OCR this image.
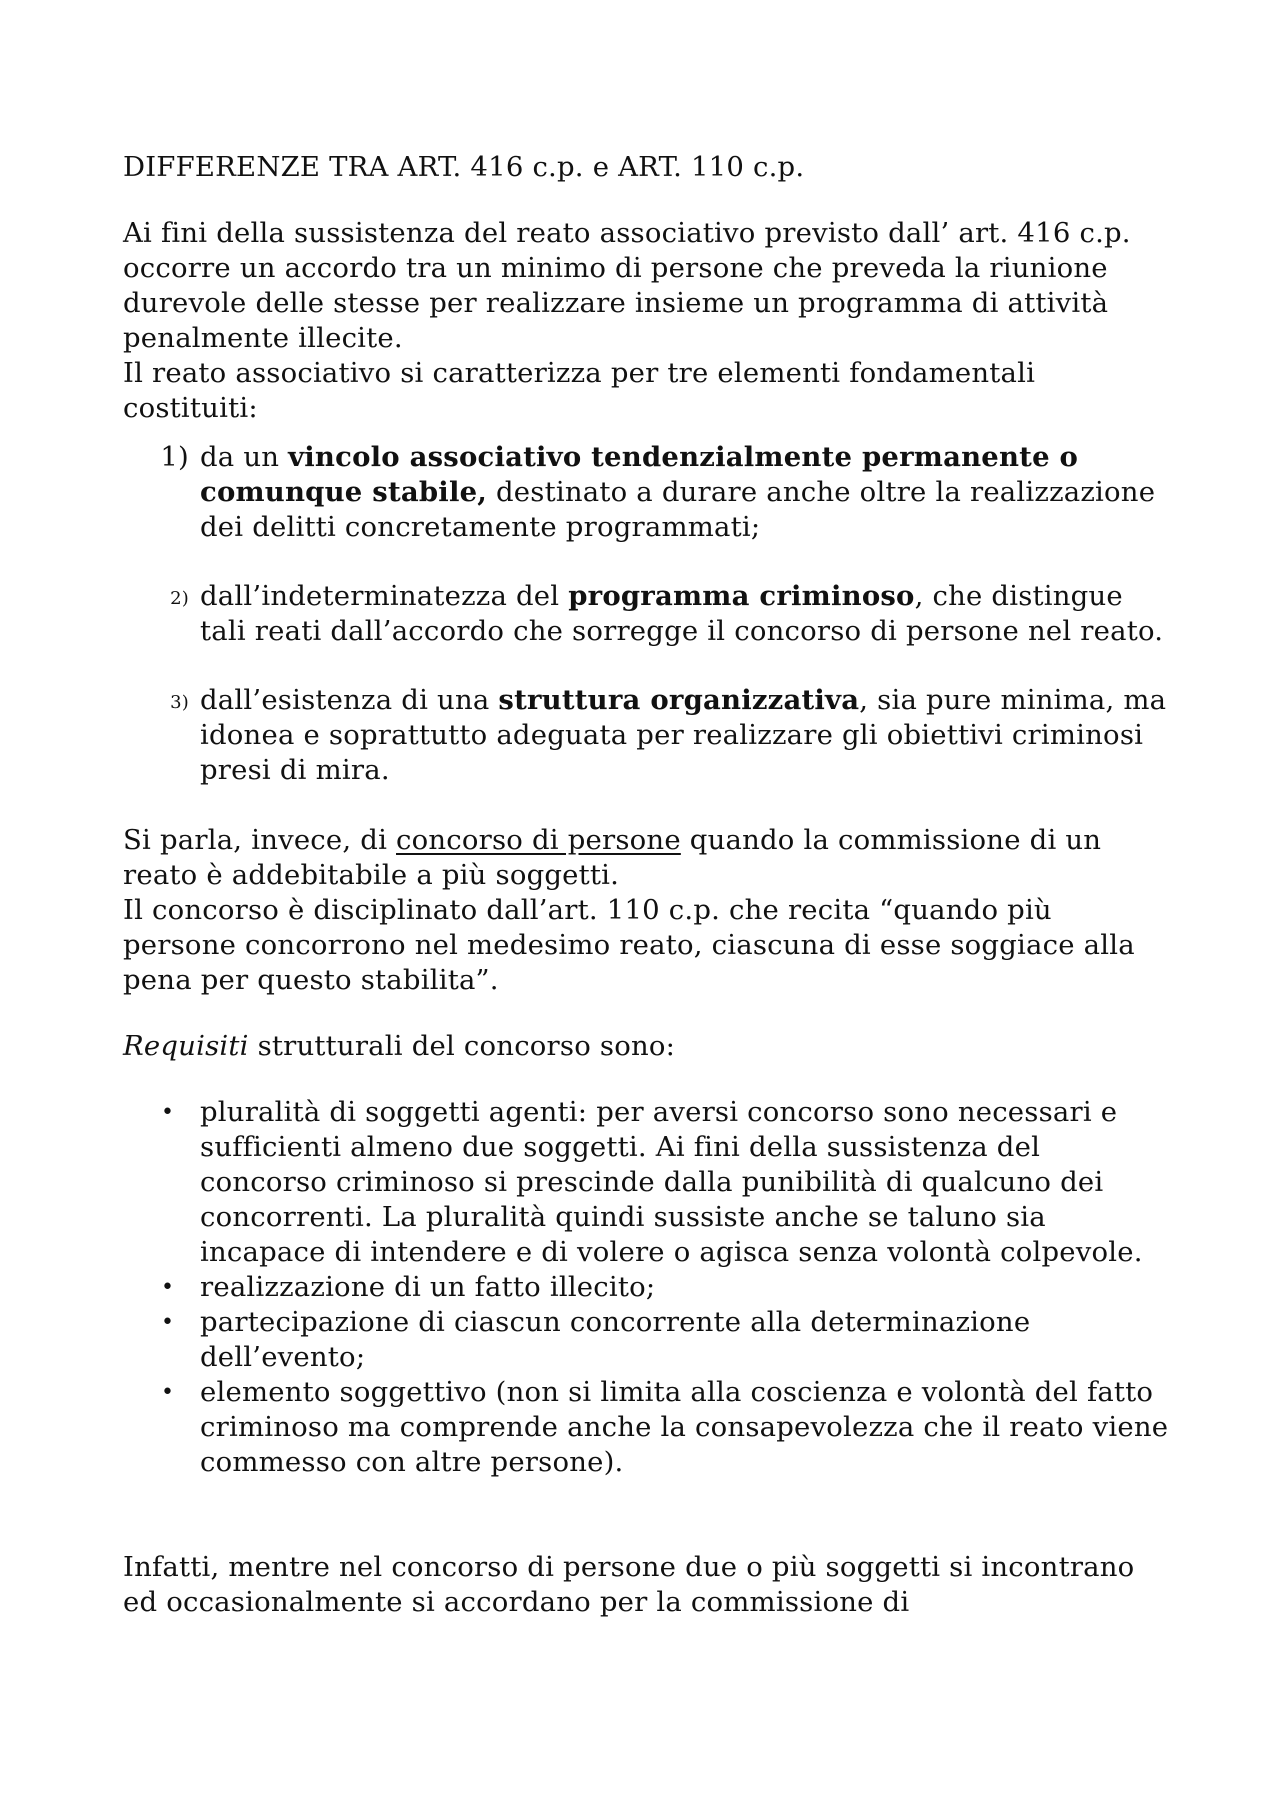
DIFFERENZE TRA ART. 416 c.p. e ART. 110 c.p.

Ai fini della sussistenza del reato associativo previsto dall’ art. 416 c.p. occorre un accordo tra un minimo di persone che preveda la riunione durevole delle stesse per realizzare insieme un programma di attività penalmente illecite.

Il reato associativo si caratterizza per tre elementi fondamentali costituiti:

1) da un vincolo associativo tendenzialmente permanente o comunque stabile, destinato a durare anche oltre la realizzazione dei delitti concretamente programmati;
2) dall’indeterminatezza del programma criminoso, che distingue tali reati dall’accordo che sorregge il concorso di persone nel reato.
3) dall’esistenza di una struttura organizzativa, sia pure minima, ma idonea e soprattutto adeguata per realizzare gli obiettivi criminosi presi di mira.

Si parla, invece, di concorso di persone quando la commissione di un reato è addebitabile a più soggetti.

Il concorso è disciplinato dall’art. 110 c.p. che recita “quando più persone concorrono nel medesimo reato, ciascuna di esse soggiace alla pena per questo stabilita”.

Requisiti strutturali del concorso sono:

• pluralità di soggetti agenti: per aversi concorso sono necessari e sufficienti almeno due soggetti. Ai fini della sussistenza del concorso criminoso si prescinde dalla punibilità di qualcuno dei concorrenti. La pluralità quindi sussiste anche se taluno sia incapace di intendere e di volere o agisca senza volontà colpevole.
• realizzazione di un fatto illecito;
• partecipazione di ciascun concorrente alla determinazione dell’evento;
• elemento soggettivo (non si limita alla coscienza e volontà del fatto criminoso ma comprende anche la consapevolezza che il reato viene commesso con altre persone).

Infatti, mentre nel concorso di persone due o più soggetti si incontrano ed occasionalmente si accordano per la commissione di
